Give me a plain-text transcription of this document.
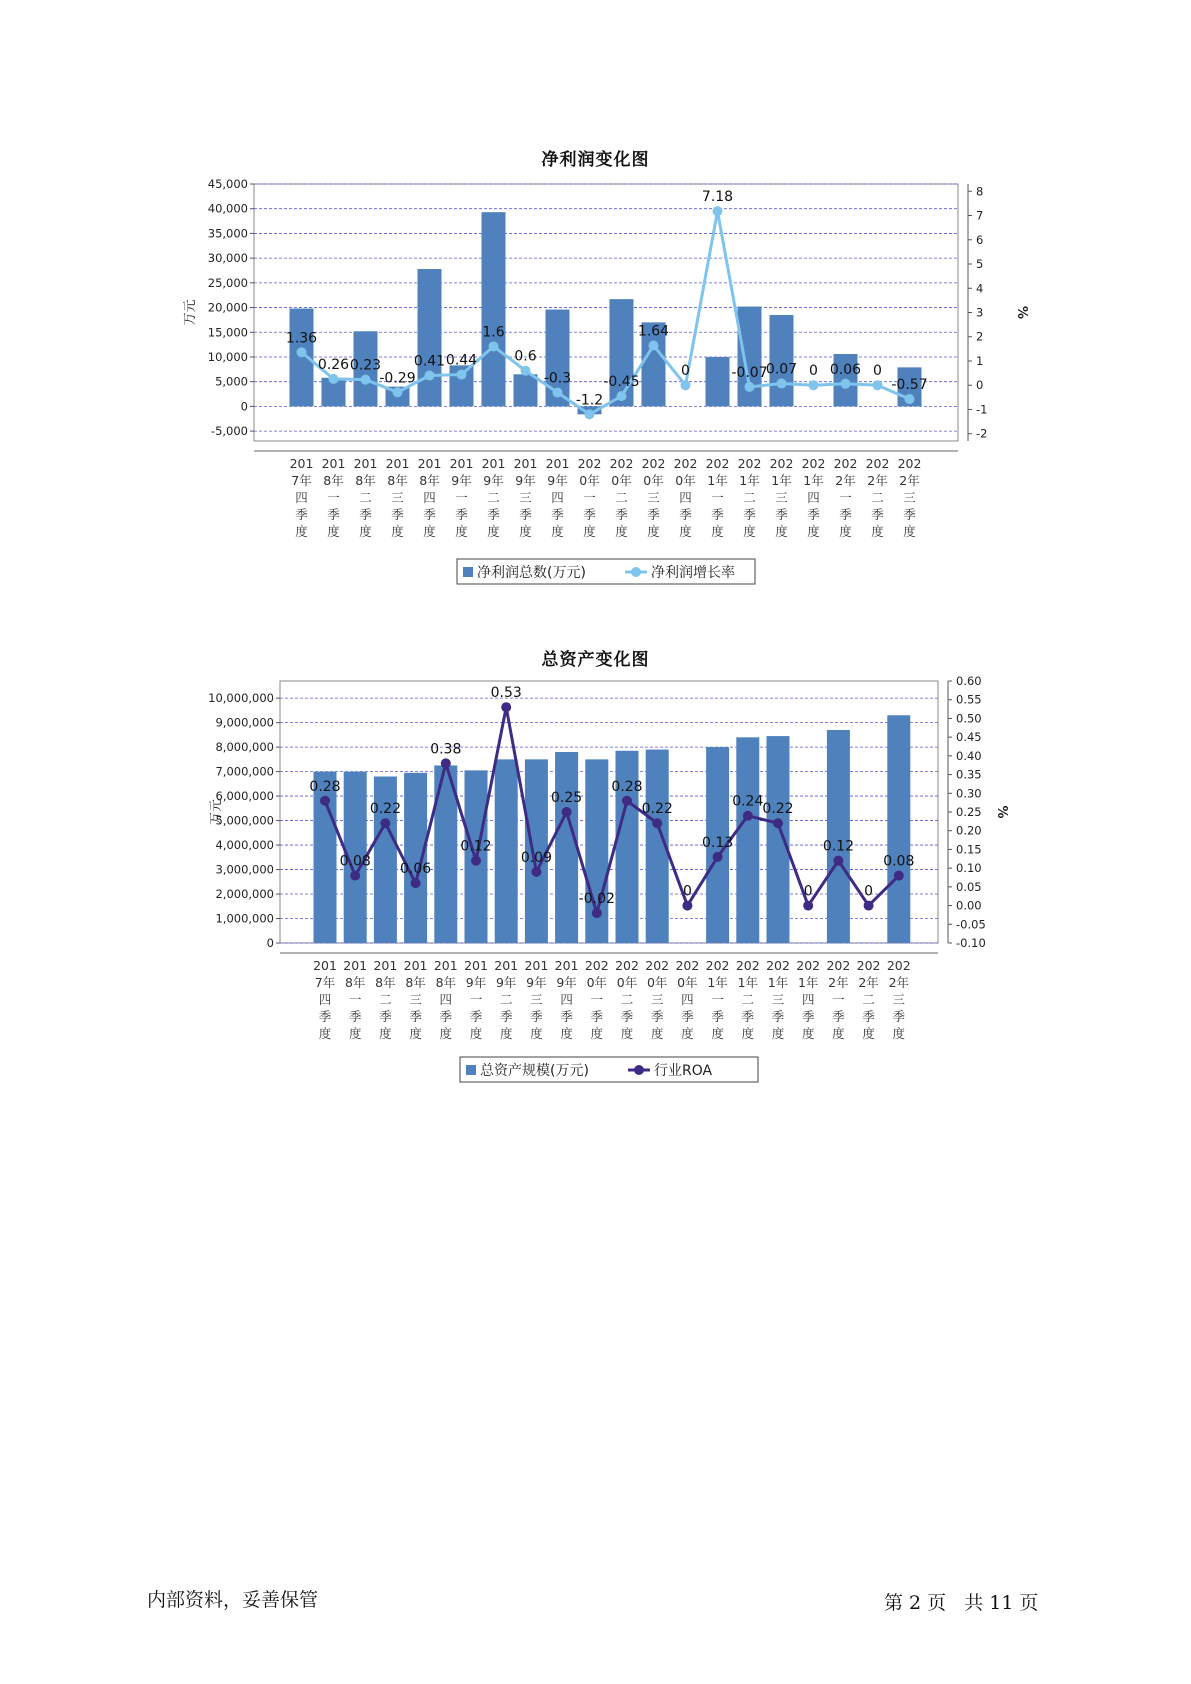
净利润变化图
-5,000
0
5,000
10,000
15,000
20,000
25,000
30,000
35,000
40,000
45,000
-2
-1
0
1
2
3
4
5
6
7
8
万元	%
201 7年四季度
201 8年一季度
201 8年二季度
201 8年三季度
201 8年四季度
201 9年一季度
201 9年二季度
201 9年三季度
201 9年四季度
202 0年一季度
202 0年二季度
202 0年三季度
202 0年四季度
202 1年一季度
202 1年二季度
202 1年三季度
202 1年四季度
202 2年一季度
202 2年二季度
202 2年三季度
1.36
0.26 0.23
-0.29
0.41 0.44
1.6
0.6
-0.3
-1.2
-0.45
1.64
0
7.18
-0.07
0.07 0 0.06 0
-0.57
净利润总数(万元)	净利润增长率
总资产变化图
0
1,000,000
2,000,000
3,000,000
4,000,000
5,000,000
6,000,000
7,000,000
8,000,000
9,000,000
10,000,000
-0.10
-0.05
0.00
0.05
0.10
0.15
0.20
0.25
0.30
0.35
0.40
0.45
0.50
0.55
0.60
万元	%
201 7年四季度
201 8年一季度
201 8年二季度
201 8年三季度
201 8年四季度
201 9年一季度
201 9年二季度
201 9年三季度
201 9年四季度
202 0年一季度
202 0年二季度
202 0年三季度
202 0年四季度
202 1年一季度
202 1年二季度
202 1年三季度
202 1年四季度
202 2年一季度
202 2年二季度
202 2年三季度
0.28
0.08
0.22
0.06
0.38
0.12
0.53
0.09
0.25
-0.02
0.28
0.22
0
0.13
0.24 0.22
0
0.12
0
0.08
总资产规模(万元)	行业ROA
内部资料，妥善保管	第 2 页 共 11 页
